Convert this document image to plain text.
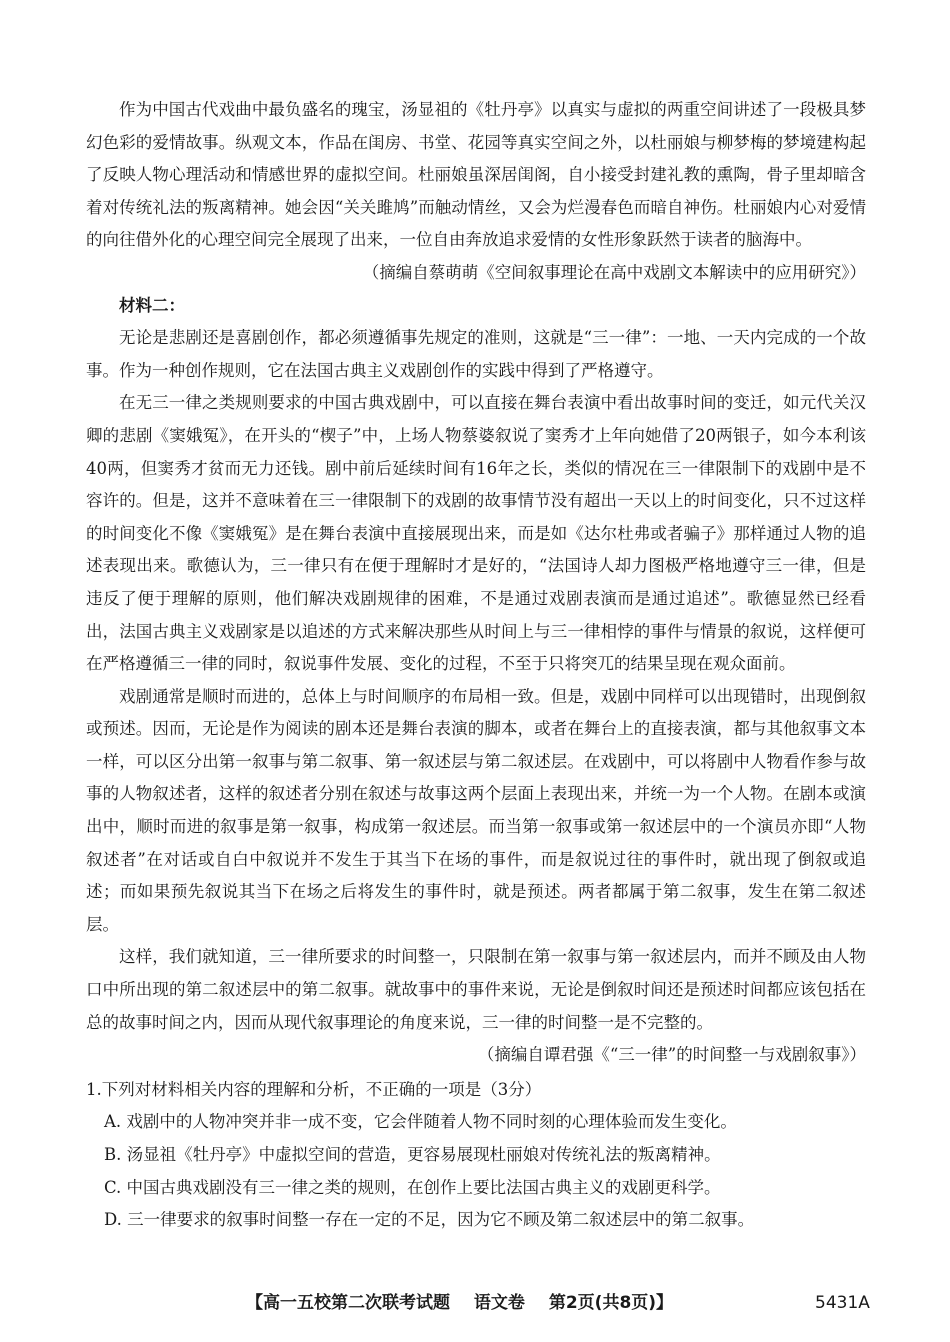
作为中国古代戏曲中最负盛名的瑰宝，汤显祖的《牡丹亭》以真实与虚拟的两重空间讲述了一段极具梦幻色彩的爱情故事。纵观文本，作品在闺房、书堂、花园等真实空间之外，以杜丽娘与柳梦梅的梦境建构起了反映人物心理活动和情感世界的虚拟空间。杜丽娘虽深居闺阁，自小接受封建礼教的熏陶，骨子里却暗含着对传统礼法的叛离精神。她会因“关关雎鸠”而触动情丝，又会为烂漫春色而暗自神伤。杜丽娘内心对爱情的向往借外化的心理空间完全展现了出来，一位自由奔放追求爱情的女性形象跃然于读者的脑海中。

（摘编自蔡萌萌《空间叙事理论在高中戏剧文本解读中的应用研究》）

材料二：

无论是悲剧还是喜剧创作，都必须遵循事先规定的准则，这就是“三一律”：一地、一天内完成的一个故事。作为一种创作规则，它在法国古典主义戏剧创作的实践中得到了严格遵守。

在无三一律之类规则要求的中国古典戏剧中，可以直接在舞台表演中看出故事时间的变迁，如元代关汉卿的悲剧《窦娥冤》，在开头的“楔子”中，上场人物蔡婆叙说了窦秀才上年向她借了20两银子，如今本利该40两，但窦秀才贫而无力还钱。剧中前后延续时间有16年之长，类似的情况在三一律限制下的戏剧中是不容许的。但是，这并不意味着在三一律限制下的戏剧的故事情节没有超出一天以上的时间变化，只不过这样的时间变化不像《窦娥冤》是在舞台表演中直接展现出来，而是如《达尔杜弗或者骗子》那样通过人物的追述表现出来。歌德认为，三一律只有在便于理解时才是好的，“法国诗人却力图极严格地遵守三一律，但是违反了便于理解的原则，他们解决戏剧规律的困难，不是通过戏剧表演而是通过追述”。歌德显然已经看出，法国古典主义戏剧家是以追述的方式来解决那些从时间上与三一律相悖的事件与情景的叙说，这样便可在严格遵循三一律的同时，叙说事件发展、变化的过程，不至于只将突兀的结果呈现在观众面前。

戏剧通常是顺时而进的，总体上与时间顺序的布局相一致。但是，戏剧中同样可以出现错时，出现倒叙或预述。因而，无论是作为阅读的剧本还是舞台表演的脚本，或者在舞台上的直接表演，都与其他叙事文本一样，可以区分出第一叙事与第二叙事、第一叙述层与第二叙述层。在戏剧中，可以将剧中人物看作参与故事的人物叙述者，这样的叙述者分别在叙述与故事这两个层面上表现出来，并统一为一个人物。在剧本或演出中，顺时而进的叙事是第一叙事，构成第一叙述层。而当第一叙事或第一叙述层中的一个演员亦即“人物叙述者”在对话或自白中叙说并不发生于其当下在场的事件，而是叙说过往的事件时，就出现了倒叙或追述；而如果预先叙说其当下在场之后将发生的事件时，就是预述。两者都属于第二叙事，发生在第二叙述层。

这样，我们就知道，三一律所要求的时间整一，只限制在第一叙事与第一叙述层内，而并不顾及由人物口中所出现的第二叙述层中的第二叙事。就故事中的事件来说，无论是倒叙时间还是预述时间都应该包括在总的故事时间之内，因而从现代叙事理论的角度来说，三一律的时间整一是不完整的。

（摘编自谭君强《“三一律”的时间整一与戏剧叙事》）

1.下列对材料相关内容的理解和分析，不正确的一项是（3分）

A. 戏剧中的人物冲突并非一成不变，它会伴随着人物不同时刻的心理体验而发生变化。

B. 汤显祖《牡丹亭》中虚拟空间的营造，更容易展现杜丽娘对传统礼法的叛离精神。

C. 中国古典戏剧没有三一律之类的规则，在创作上要比法国古典主义的戏剧更科学。

D. 三一律要求的叙事时间整一存在一定的不足，因为它不顾及第二叙述层中的第二叙事。

【高一五校第二次联考试题 语文卷 第2页(共8页)】	5431A
